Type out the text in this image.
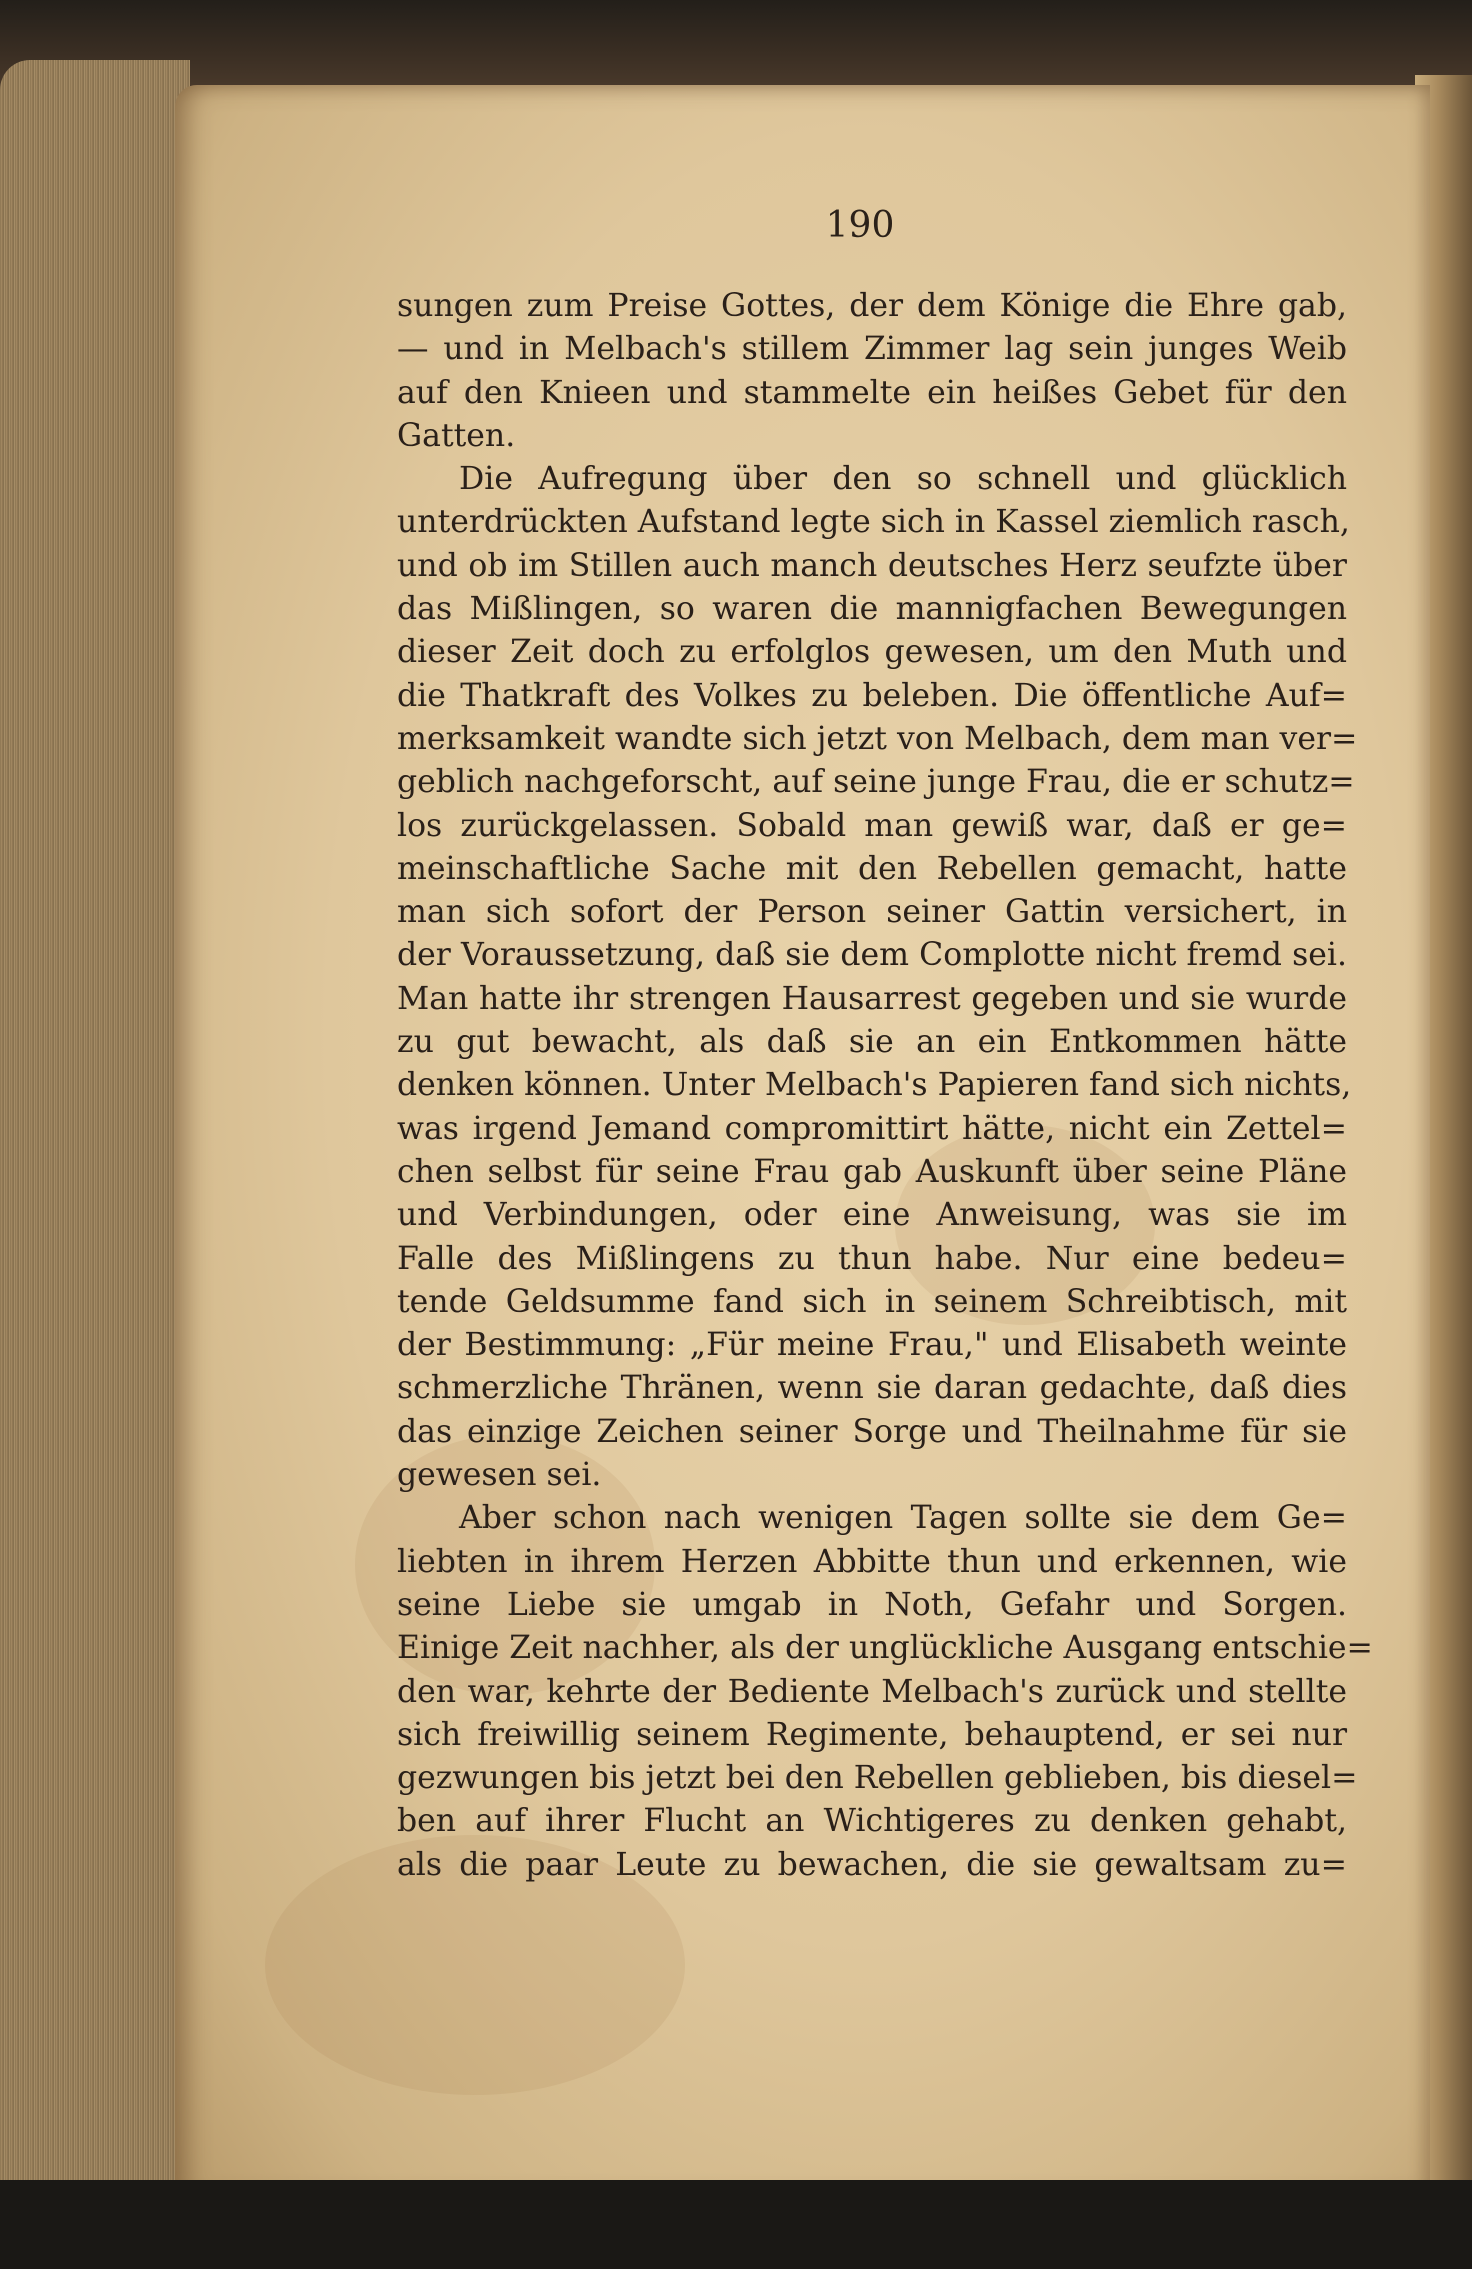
190
sungen zum Preise Gottes, der dem Könige die Ehre gab,
— und in Melbach's stillem Zimmer lag sein junges Weib
auf den Knieen und stammelte ein heißes Gebet für den
Gatten.
Die Aufregung über den so schnell und glücklich
unterdrückten Aufstand legte sich in Kassel ziemlich rasch,
und ob im Stillen auch manch deutsches Herz seufzte über
das Mißlingen, so waren die mannigfachen Bewegungen
dieser Zeit doch zu erfolglos gewesen, um den Muth und
die Thatkraft des Volkes zu beleben. Die öffentliche Auf=
merksamkeit wandte sich jetzt von Melbach, dem man ver=
geblich nachgeforscht, auf seine junge Frau, die er schutz=
los zurückgelassen. Sobald man gewiß war, daß er ge=
meinschaftliche Sache mit den Rebellen gemacht, hatte
man sich sofort der Person seiner Gattin versichert, in
der Voraussetzung, daß sie dem Complotte nicht fremd sei.
Man hatte ihr strengen Hausarrest gegeben und sie wurde
zu gut bewacht, als daß sie an ein Entkommen hätte
denken können. Unter Melbach's Papieren fand sich nichts,
was irgend Jemand compromittirt hätte, nicht ein Zettel=
chen selbst für seine Frau gab Auskunft über seine Pläne
und Verbindungen, oder eine Anweisung, was sie im
Falle des Mißlingens zu thun habe. Nur eine bedeu=
tende Geldsumme fand sich in seinem Schreibtisch, mit
der Bestimmung: „Für meine Frau," und Elisabeth weinte
schmerzliche Thränen, wenn sie daran gedachte, daß dies
das einzige Zeichen seiner Sorge und Theilnahme für sie
gewesen sei.
Aber schon nach wenigen Tagen sollte sie dem Ge=
liebten in ihrem Herzen Abbitte thun und erkennen, wie
seine Liebe sie umgab in Noth, Gefahr und Sorgen.
Einige Zeit nachher, als der unglückliche Ausgang entschie=
den war, kehrte der Bediente Melbach's zurück und stellte
sich freiwillig seinem Regimente, behauptend, er sei nur
gezwungen bis jetzt bei den Rebellen geblieben, bis diesel=
ben auf ihrer Flucht an Wichtigeres zu denken gehabt,
als die paar Leute zu bewachen, die sie gewaltsam zu=
